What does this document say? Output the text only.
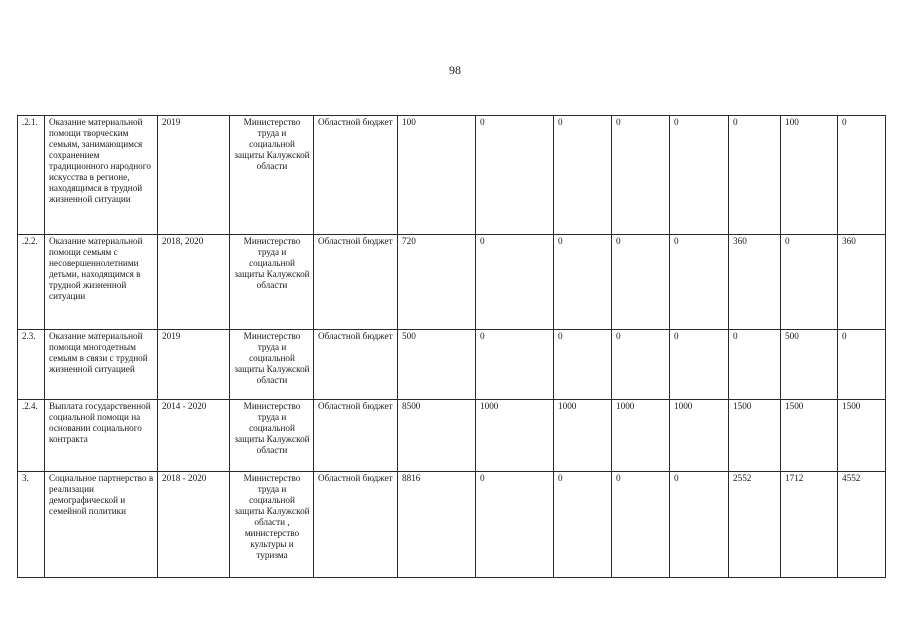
98
.2.1.	Оказание материальной помощи творческим семьям, занимающимся сохранением традиционного народного искусства в регионе, находящимся в трудной жизненной ситуации	2019	Министерство труда и социальной защиты Калужской области	Областной бюджет	100	0	0	0	0	0	100	0
.2.2.	Оказание материальной помощи семьям с несовершеннолетними детьми, находящимся в трудной жизненной ситуации	2018, 2020	Министерство труда и социальной защиты Калужской области	Областной бюджет	720	0	0	0	0	360	0	360
2.3.	Оказание материальной помощи многодетным семьям в связи с трудной жизненной ситуацией	2019	Министерство труда и социальной защиты Калужской области	Областной бюджет	500	0	0	0	0	0	500	0
.2.4.	Выплата государственной социальной помощи на основании социального контракта	2014 - 2020	Министерство труда и социальной защиты Калужской области	Областной бюджет	8500	1000	1000	1000	1000	1500	1500	1500
3.	Социальное партнерство в реализации демографической и семейной политики	2018 - 2020	Министерство труда и социальной защиты Калужской области , министерство культуры и туризма	Областной бюджет	8816	0	0	0	0	2552	1712	4552
